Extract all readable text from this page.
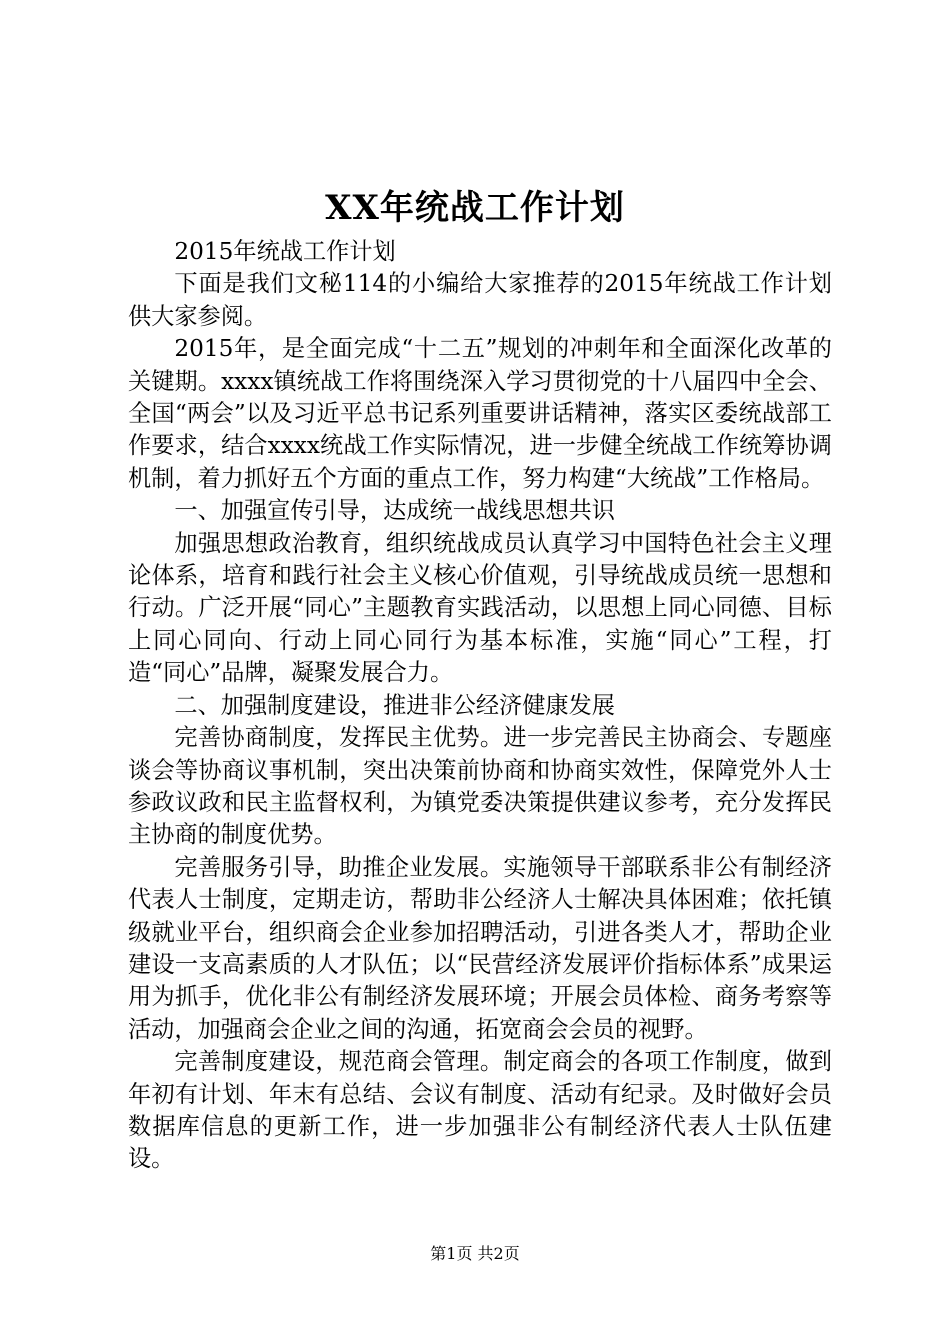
XX年统战工作计划

2015年统战工作计划

下面是我们文秘114的小编给大家推荐的2015年统战工作计划供大家参阅。

2015年，是全面完成“十二五”规划的冲刺年和全面深化改革的关键期。xxxx镇统战工作将围绕深入学习贯彻党的十八届四中全会、全国“两会”以及习近平总书记系列重要讲话精神，落实区委统战部工作要求，结合xxxx统战工作实际情况，进一步健全统战工作统筹协调机制，着力抓好五个方面的重点工作，努力构建“大统战”工作格局。

一、加强宣传引导，达成统一战线思想共识

加强思想政治教育，组织统战成员认真学习中国特色社会主义理论体系，培育和践行社会主义核心价值观，引导统战成员统一思想和行动。广泛开展“同心”主题教育实践活动，以思想上同心同德、目标上同心同向、行动上同心同行为基本标准，实施“同心”工程，打造“同心”品牌，凝聚发展合力。

二、加强制度建设，推进非公经济健康发展

完善协商制度，发挥民主优势。进一步完善民主协商会、专题座谈会等协商议事机制，突出决策前协商和协商实效性，保障党外人士参政议政和民主监督权利，为镇党委决策提供建议参考，充分发挥民主协商的制度优势。

完善服务引导，助推企业发展。实施领导干部联系非公有制经济代表人士制度，定期走访，帮助非公经济人士解决具体困难；依托镇级就业平台，组织商会企业参加招聘活动，引进各类人才，帮助企业建设一支高素质的人才队伍；以“民营经济发展评价指标体系”成果运用为抓手，优化非公有制经济发展环境；开展会员体检、商务考察等活动，加强商会企业之间的沟通，拓宽商会会员的视野。

完善制度建设，规范商会管理。制定商会的各项工作制度，做到年初有计划、年末有总结、会议有制度、活动有纪录。及时做好会员数据库信息的更新工作，进一步加强非公有制经济代表人士队伍建设。

第1页 共2页
